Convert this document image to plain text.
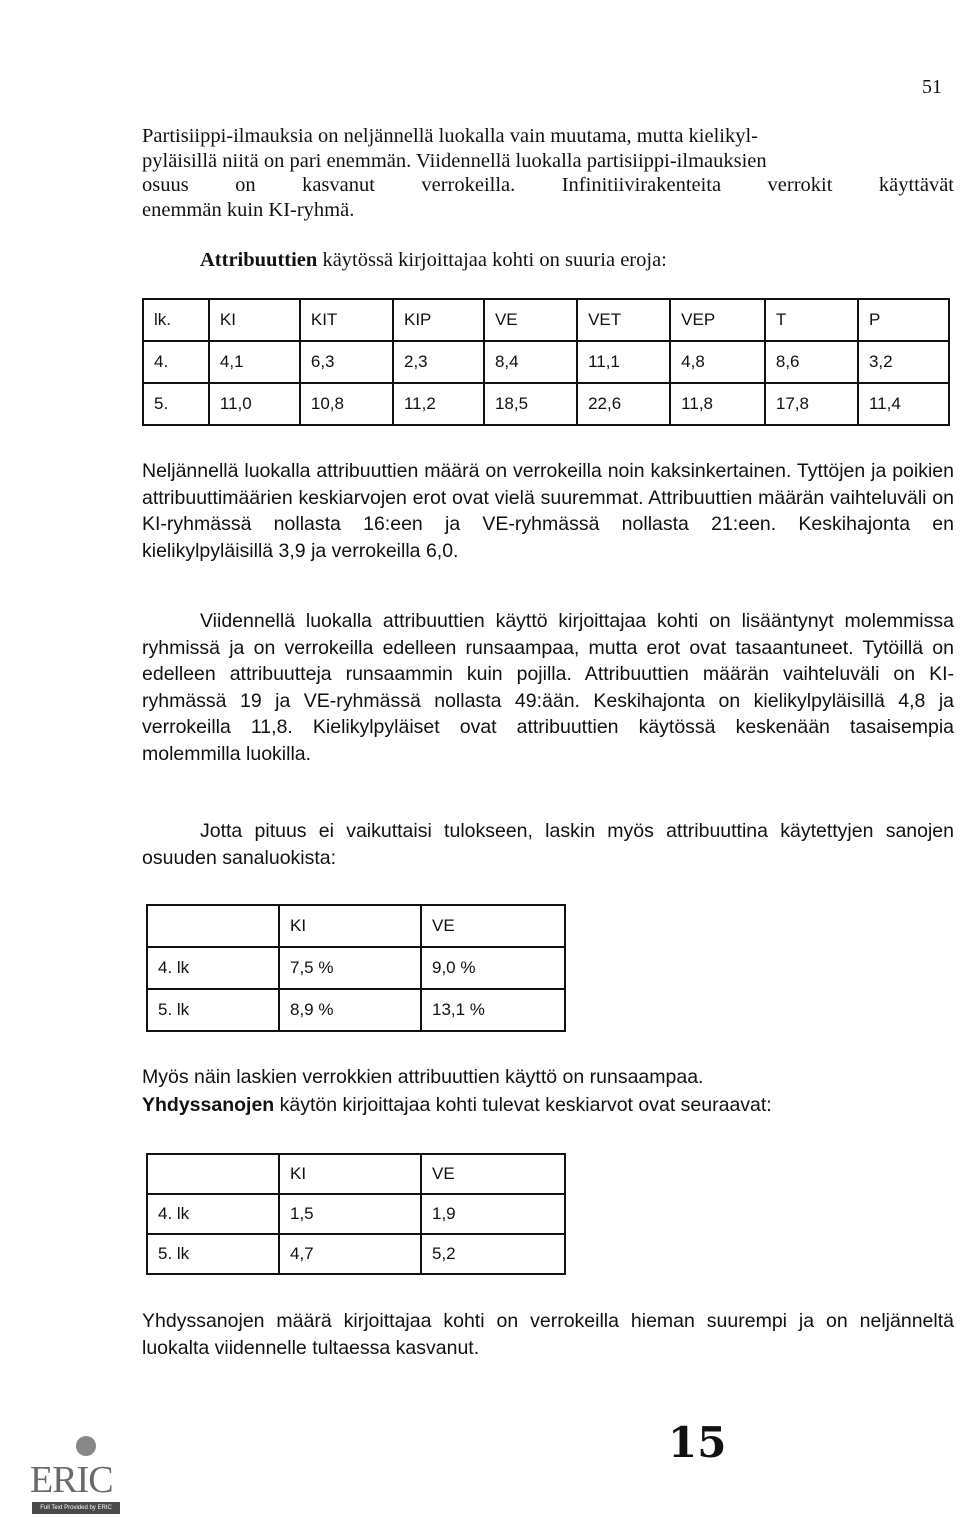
51
Partisiippi-ilmauksia on neljännellä luokalla vain muutama, mutta kielikyl-
pyläisillä niitä on pari enemmän. Viidennellä luokalla partisiippi-ilmauksien
osuus on kasvanut verrokeilla. Infinitiivirakenteita verrokit käyttävät
enemmän kuin KI-ryhmä.
Attribuuttien käytössä kirjoittajaa kohti on suuria eroja:
lk.	KI	KIT	KIP	VE	VET	VEP	T	P
4.	4,1	6,3	2,3	8,4	11,1	4,8	8,6	3,2
5.	11,0	10,8	11,2	18,5	22,6	11,8	17,8	11,4

Neljännellä luokalla attribuuttien määrä on verrokeilla noin kaksinkertainen. Tyttöjen ja poikien attribuuttimäärien keskiarvojen erot ovat vielä suuremmat. Attribuuttien määrän vaihteluväli on KI-ryhmässä nollasta 16:een ja VE-ryhmässä nollasta 21:een. Keskihajonta en kielikylpyläisillä 3,9 ja verrokeilla 6,0.

Viidennellä luokalla attribuuttien käyttö kirjoittajaa kohti on lisääntynyt molemmissa ryhmissä ja on verrokeilla edelleen runsaampaa, mutta erot ovat tasaantuneet. Tytöillä on edelleen attribuutteja runsaammin kuin pojilla. Attribuuttien määrän vaihteluväli on KI-ryhmässä 19 ja VE-ryhmässä nollasta 49:ään. Keskihajonta on kielikylpyläisillä 4,8 ja verrokeilla 11,8. Kielikylpyläiset ovat attribuuttien käytössä keskenään tasaisempia molemmilla luokilla.

Jotta pituus ei vaikuttaisi tulokseen, laskin myös attribuuttina käytettyjen sanojen osuuden sanaluokista:

	KI	VE
4. lk	7,5 %	9,0 %
5. lk	8,9 %	13,1 %

Myös näin laskien verrokkien attribuuttien käyttö on runsaampaa.

Yhdyssanojen käytön kirjoittajaa kohti tulevat keskiarvot ovat seuraavat:

	KI	VE
4. lk	1,5	1,9
5. lk	4,7	5,2

Yhdyssanojen määrä kirjoittajaa kohti on verrokeilla hieman suurempi ja on neljänneltä luokalta viidennelle tultaessa kasvanut.

15
ERIC
Full Text Provided by ERIC
